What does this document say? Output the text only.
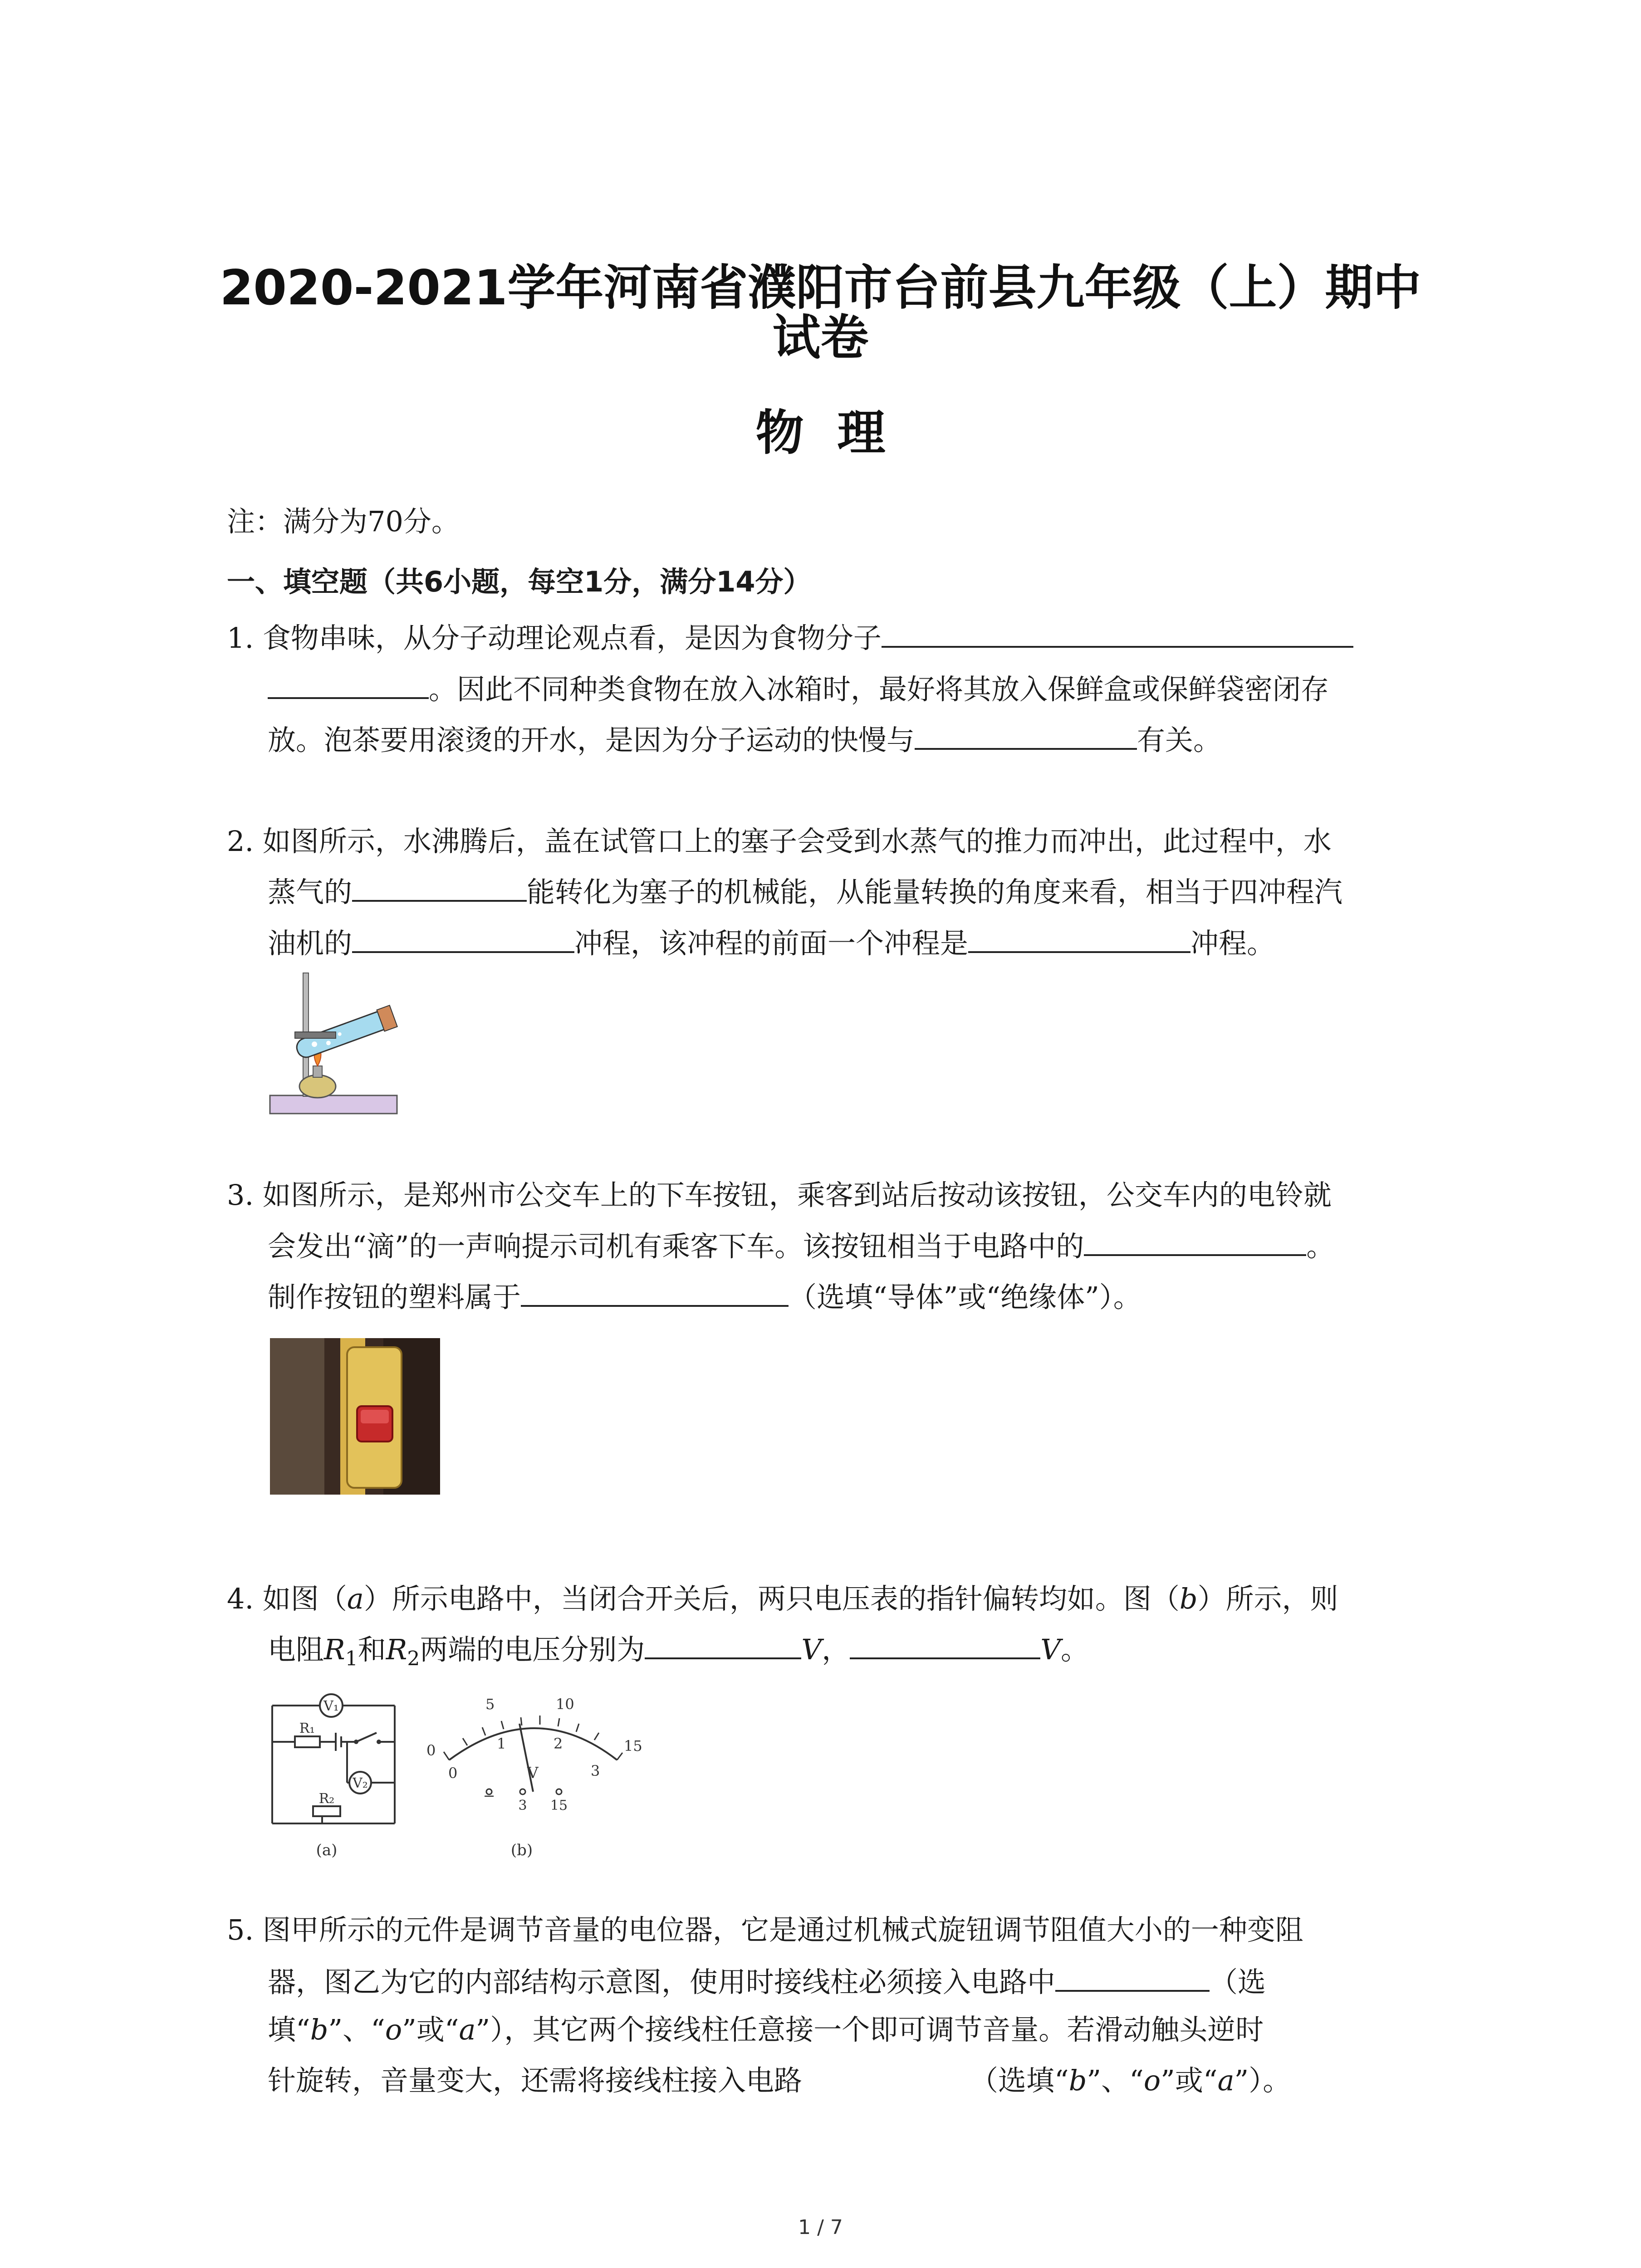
2020-2021学年河南省濮阳市台前县九年级（上）期中
试卷
物  理
注：满分为70分。
一、填空题（共6小题，每空1分，满分14分）
1. 食物串味，从分子动理论观点看，是因为食物分子
。因此不同种类食物在放入冰箱时，最好将其放入保鲜盒或保鲜袋密闭存
放。泡茶要用滚烫的开水，是因为分子运动的快慢与	有关。
2. 如图所示，水沸腾后，盖在试管口上的塞子会受到水蒸气的推力而冲出，此过程中，水
蒸气的	能转化为塞子的机械能，从能量转换的角度来看，相当于四冲程汽
油机的	冲程，该冲程的前面一个冲程是	冲程。
3. 如图所示，是郑州市公交车上的下车按钮，乘客到站后按动该按钮，公交车内的电铃就
会发出“滴”的一声响提示司机有乘客下车。该按钮相当于电路中的	。
制作按钮的塑料属于	（选填“导体”或“绝缘体”）。
4. 如图（a）所示电路中，当闭合开关后，两只电压表的指针偏转均如。图（b）所示，则
电阻$R_1$和$R_2$两端的电压分别为	V，	V。
V₁
V₂
R₁
R₂
(a)
0
5	10
15
0
1	2
3
V
−
3 15
(b)
5. 图甲所示的元件是调节音量的电位器，它是通过机械式旋钮调节阻值大小的一种变阻
器，图乙为它的内部结构示意图，使用时接线柱必须接入电路中	（选
填“b”、“o”或“a”），其它两个接线柱任意接一个即可调节音量。若滑动触头逆时
针旋转，音量变大，还需将接线柱接入电路	（选填“b”、“o”或“a”）。
1 / 7
